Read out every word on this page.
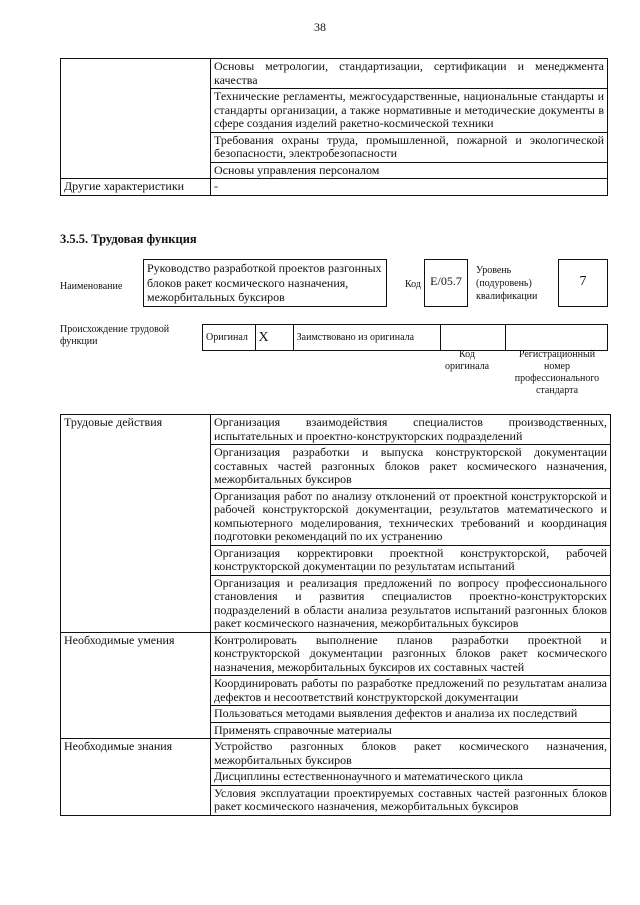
38
	Основы метрологии, стандартизации, сертификации и менеджмента качества
	Технические регламенты, межгосударственные, национальные стандарты и стандарты организации, а также нормативные и методические документы в сфере создания изделий ракетно-космической техники
	Требования охраны труда, промышленной, пожарной и экологической безопасности, электробезопасности
	Основы управления персоналом
Другие характеристики	-
3.5.5. Трудовая функция
Наименование
Руководство разработкой проектов разгонных блоков ракет космического назначения, межорбитальных буксиров
Код E/05.7
Уровень (подуровень) квалификации
7
Происхождение трудовой функции	Оригинал	X	Заимствовано из оригинала		
Код оригинала
Регистрационный номер профессионального стандарта
Трудовые действия	Организация взаимодействия специалистов производственных, испытательных и проектно-конструкторских подразделений
	Организация разработки и выпуска конструкторской документации составных частей разгонных блоков ракет космического назначения, межорбитальных буксиров
	Организация работ по анализу отклонений от проектной конструкторской и рабочей конструкторской документации, результатов математического и компьютерного моделирования, технических требований и координация подготовки рекомендаций по их устранению
	Организация корректировки проектной конструкторской, рабочей конструкторской документации по результатам испытаний
	Организация и реализация предложений по вопросу профессионального становления и развития специалистов проектно-конструкторских подразделений в области анализа результатов испытаний разгонных блоков ракет космического назначения, межорбитальных буксиров
Необходимые умения	Контролировать выполнение планов разработки проектной и конструкторской документации разгонных блоков ракет космического назначения, межорбитальных буксиров их составных частей
	Координировать работы по разработке предложений по результатам анализа дефектов и несоответствий конструкторской документации
	Пользоваться методами выявления дефектов и анализа их последствий
	Применять справочные материалы
Необходимые знания	Устройство разгонных блоков ракет космического назначения, межорбитальных буксиров
	Дисциплины естественнонаучного и математического цикла
	Условия эксплуатации проектируемых составных частей разгонных блоков ракет космического назначения, межорбитальных буксиров
